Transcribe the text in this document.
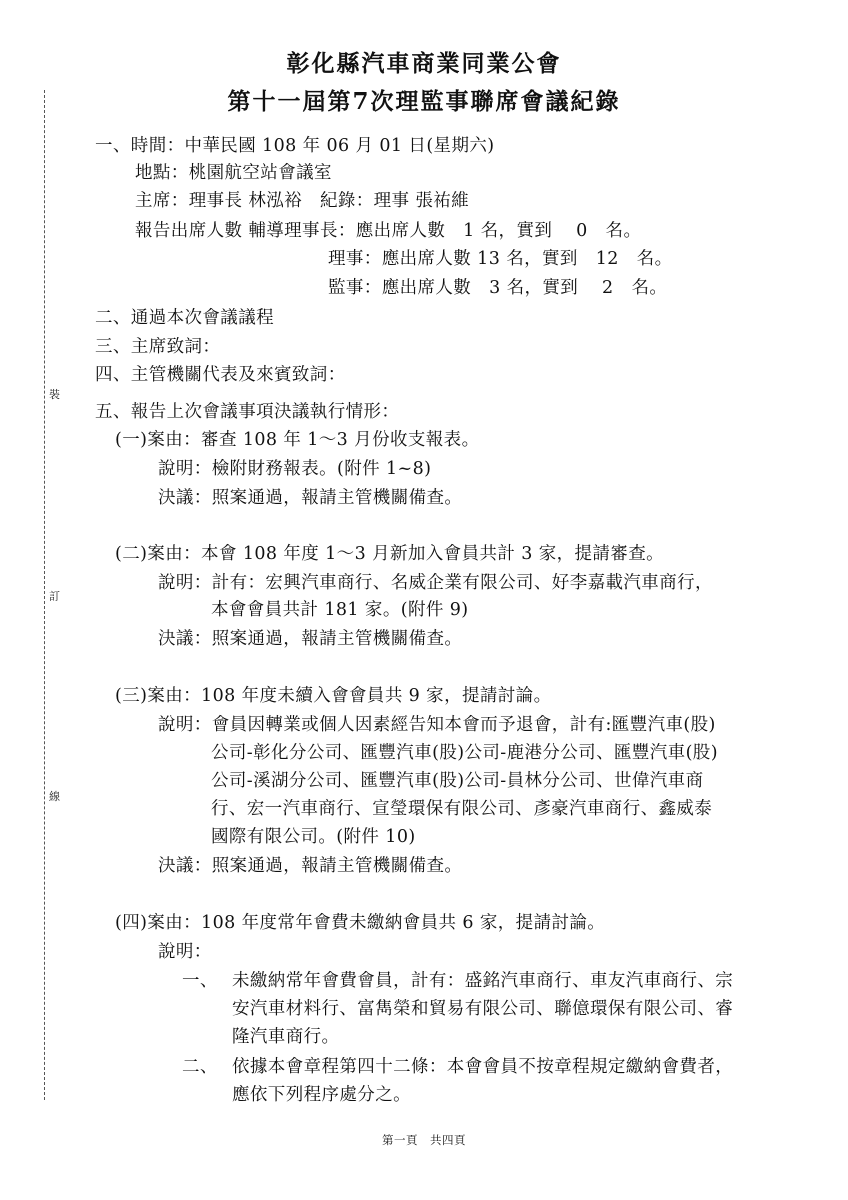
裝
訂
線
彰化縣汽車商業同業公會
第十一屆第7次理監事聯席會議紀錄
一、時間：中華民國 108 年 06 月 01 日(星期六)
地點：桃園航空站會議室
主席：理事長 林泓裕　紀錄：理事 張祐維
報告出席人數 輔導理事長：應出席人數　1 名，實到　 0　名。
理事：應出席人數 13 名，實到　12　名。
監事：應出席人數　3 名，實到　 2　名。
二、通過本次會議議程
三、主席致詞：
四、主管機關代表及來賓致詞：
五、報告上次會議事項決議執行情形：
(一)案由：審查 108 年 1～3 月份收支報表。
說明：檢附財務報表。(附件 1~8)
決議：照案通過，報請主管機關備查。
(二)案由：本會 108 年度 1～3 月新加入會員共計 3 家，提請審查。
說明：計有：宏興汽車商行、名威企業有限公司、好李嘉載汽車商行，
本會會員共計 181 家。(附件 9)
決議：照案通過，報請主管機關備查。
(三)案由：108 年度未續入會會員共 9 家，提請討論。
說明：會員因轉業或個人因素經告知本會而予退會，計有:匯豐汽車(股)
公司-彰化分公司、匯豐汽車(股)公司-鹿港分公司、匯豐汽車(股)
公司-溪湖分公司、匯豐汽車(股)公司-員林分公司、世偉汽車商
行、宏一汽車商行、宣瑩環保有限公司、彥豪汽車商行、鑫威泰
國際有限公司。(附件 10)
決議：照案通過，報請主管機關備查。
(四)案由：108 年度常年會費未繳納會員共 6 家，提請討論。
說明：
一、 未繳納常年會費會員，計有：盛銘汽車商行、車友汽車商行、宗
安汽車材料行、富雋榮和貿易有限公司、聯億環保有限公司、睿
隆汽車商行。
二、 依據本會章程第四十二條：本會會員不按章程規定繳納會費者，
應依下列程序處分之。
第一頁　共四頁
